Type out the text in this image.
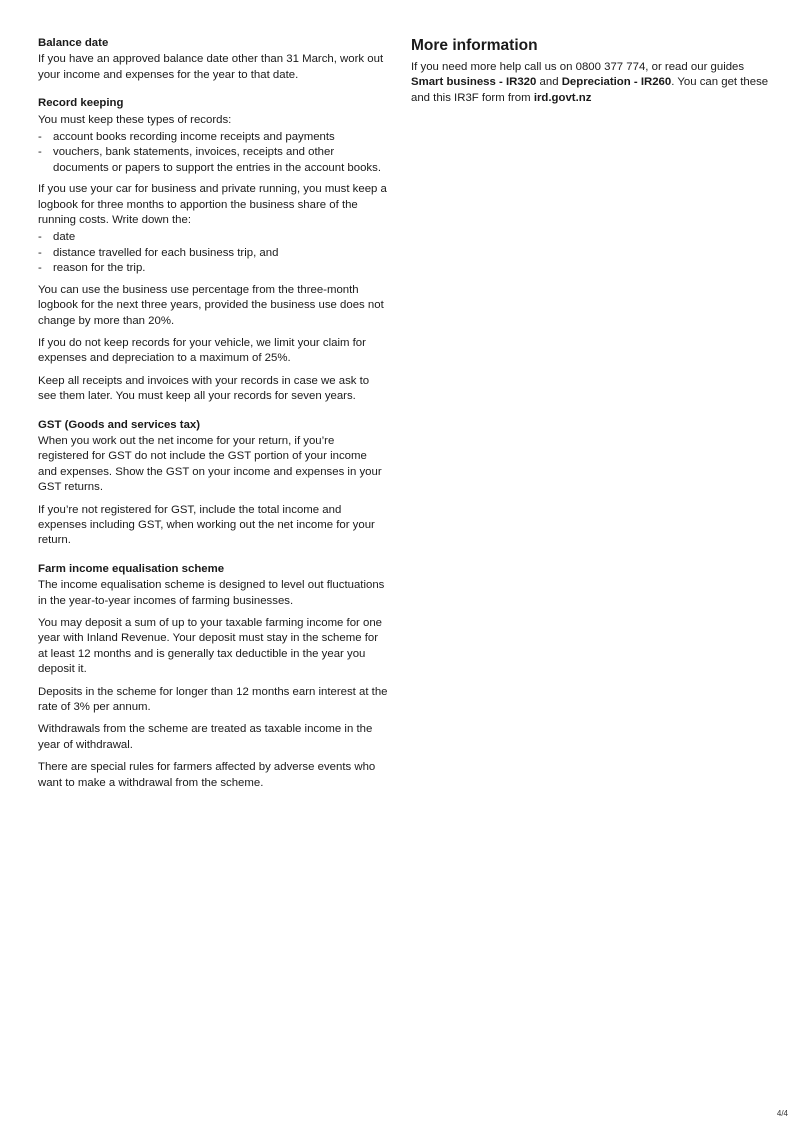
Balance date

If you have an approved balance date other than 31 March, work out your income and expenses for the year to that date.

Record keeping

You must keep these types of records:

- account books recording income receipts and payments
- vouchers, bank statements, invoices, receipts and other documents or papers to support the entries in the account books.

If you use your car for business and private running, you must keep a logbook for three months to apportion the business share of the running costs. Write down the:

- date
- distance travelled for each business trip, and
- reason for the trip.

You can use the business use percentage from the three-month logbook for the next three years, provided the business use does not change by more than 20%.

If you do not keep records for your vehicle, we limit your claim for expenses and depreciation to a maximum of 25%.

Keep all receipts and invoices with your records in case we ask to see them later. You must keep all your records for seven years.

GST (Goods and services tax)

When you work out the net income for your return, if you’re registered for GST do not include the GST portion of your income and expenses. Show the GST on your income and expenses in your GST returns.

If you’re not registered for GST, include the total income and expenses including GST, when working out the net income for your return.

Farm income equalisation scheme

The income equalisation scheme is designed to level out fluctuations in the year-to-year incomes of farming businesses.

You may deposit a sum of up to your taxable farming income for one year with Inland Revenue. Your deposit must stay in the scheme for at least 12 months and is generally tax deductible in the year you deposit it.

Deposits in the scheme for longer than 12 months earn interest at the rate of 3% per annum.

Withdrawals from the scheme are treated as taxable income in the year of withdrawal.

There are special rules for farmers affected by adverse events who want to make a withdrawal from the scheme.

More information

If you need more help call us on 0800 377 774, or read our guides Smart business - IR320 and Depreciation - IR260. You can get these and this IR3F form from ird.govt.nz

4/4
